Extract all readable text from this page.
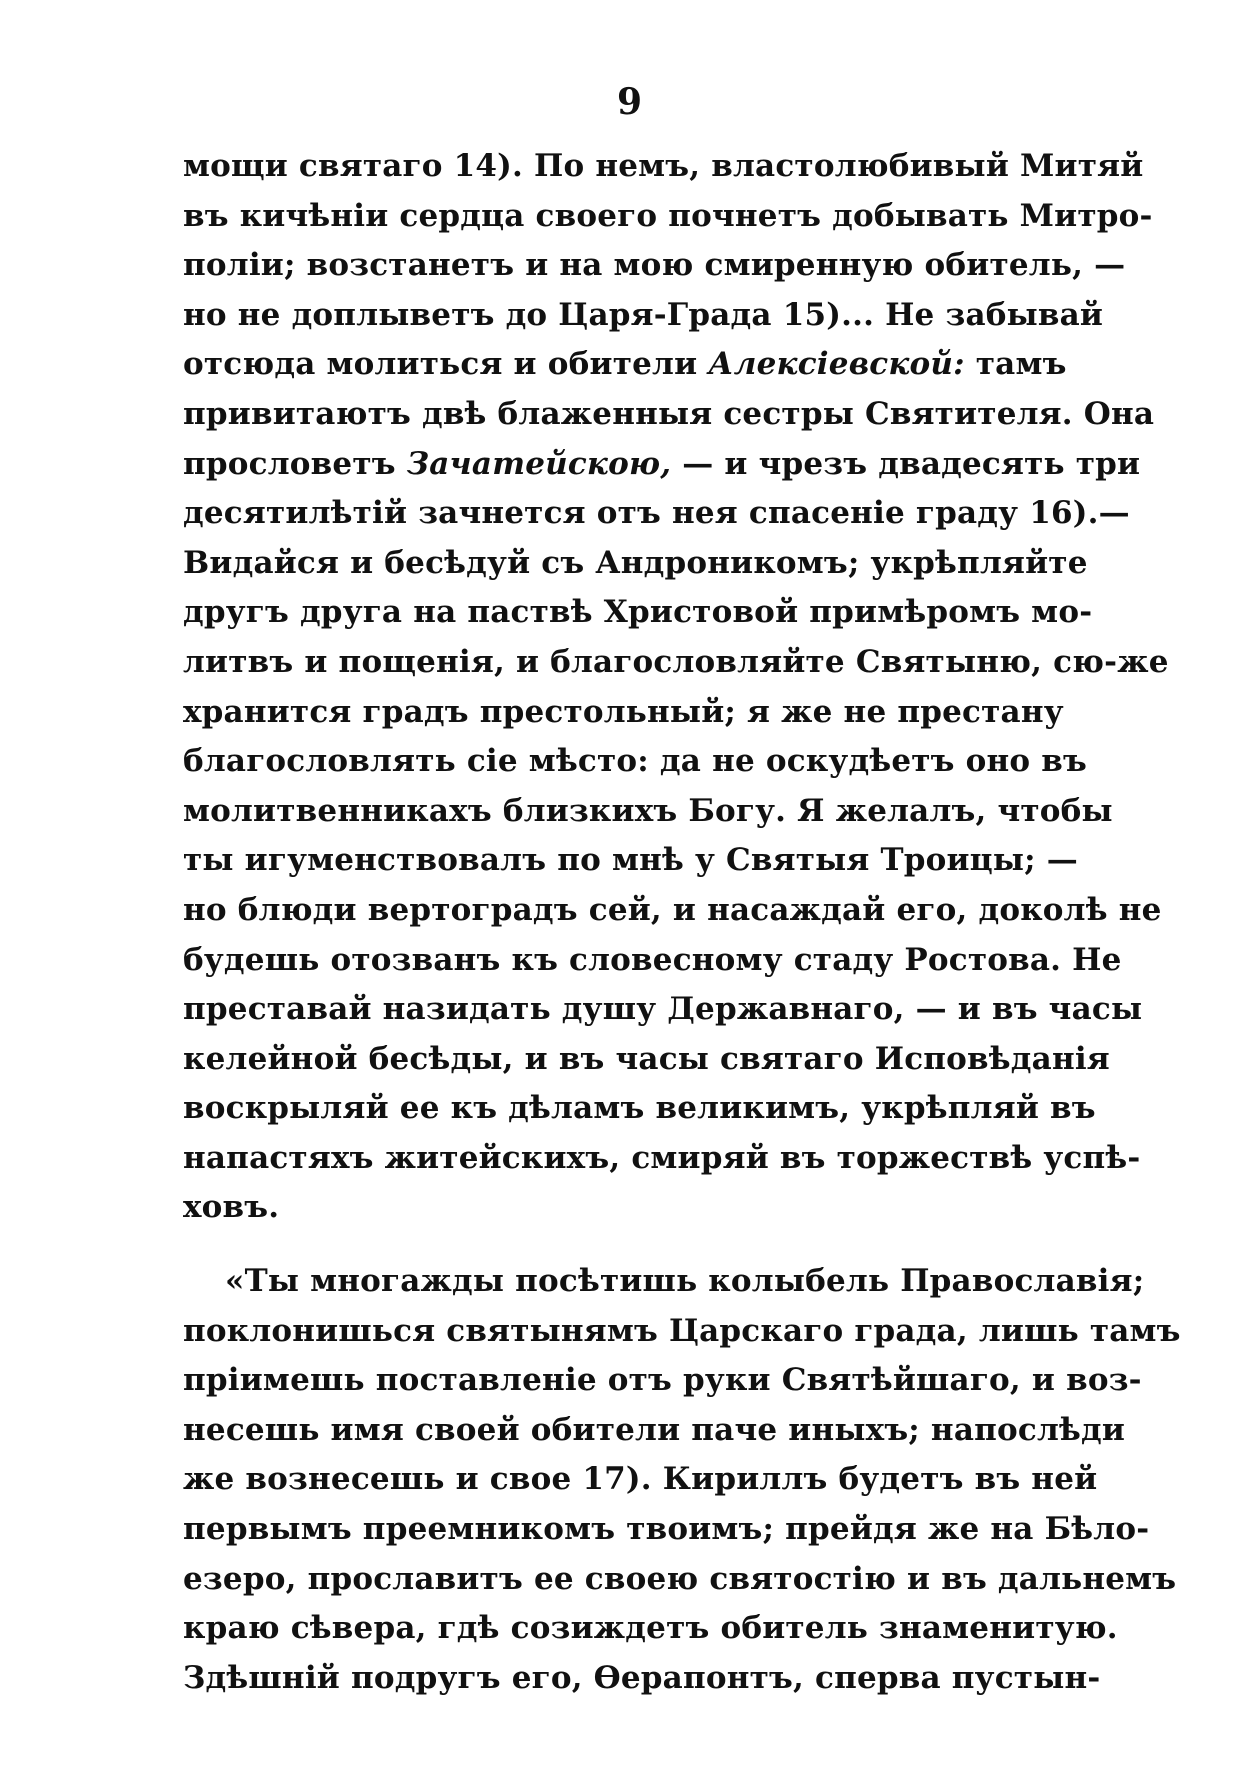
9
мощи святаго 14). По немъ, властолюбивый Митяй
въ кичѣніи сердца своего почнетъ добывать Митро-
поліи; возстанетъ и на мою смиренную обитель, —
но не доплыветъ до Царя-Града 15)... Не забывай
отсюда молиться и обители Алексіевской: тамъ
привитаютъ двѣ блаженныя сестры Святителя. Она
прословетъ Зачатейскою, — и чрезъ двадесять три
десятилѣтій зачнется отъ нея спасеніе граду 16).—
Видайся и бесѣдуй съ Андроникомъ; укрѣпляйте
другъ друга на паствѣ Христовой примѣромъ мо-
литвъ и пощенія, и благословляйте Святыню, сю-же
хранится градъ престольный; я же не престану
благословлять сіе мѣсто: да не оскудѣетъ оно въ
молитвенникахъ близкихъ Богу. Я желалъ, чтобы
ты игуменствовалъ по мнѣ у Святыя Троицы; —
но блюди вертоградъ сей, и насаждай его, доколѣ не
будешь отозванъ къ словесному стаду Ростова. Не
преставай назидать душу Державнаго, — и въ часы
келейной бесѣды, и въ часы святаго Исповѣданія
воскрыляй ее къ дѣламъ великимъ, укрѣпляй въ
напастяхъ житейскихъ, смиряй въ торжествѣ успѣ-
ховъ.
«Ты многажды посѣтишь колыбель Православія;
поклонишься святынямъ Царскаго града, лишь тамъ
пріимешь поставленіе отъ руки Святѣйшаго, и воз-
несешь имя своей обители паче иныхъ; напослѣди
же вознесешь и свое 17). Кириллъ будетъ въ ней
первымъ преемникомъ твоимъ; прейдя же на Бѣло-
езеро, прославитъ ее своею святостію и въ дальнемъ
краю сѣвера, гдѣ созиждетъ обитель знаменитую.
Здѣшній подругъ его, Ѳерапонтъ, сперва пустын-
